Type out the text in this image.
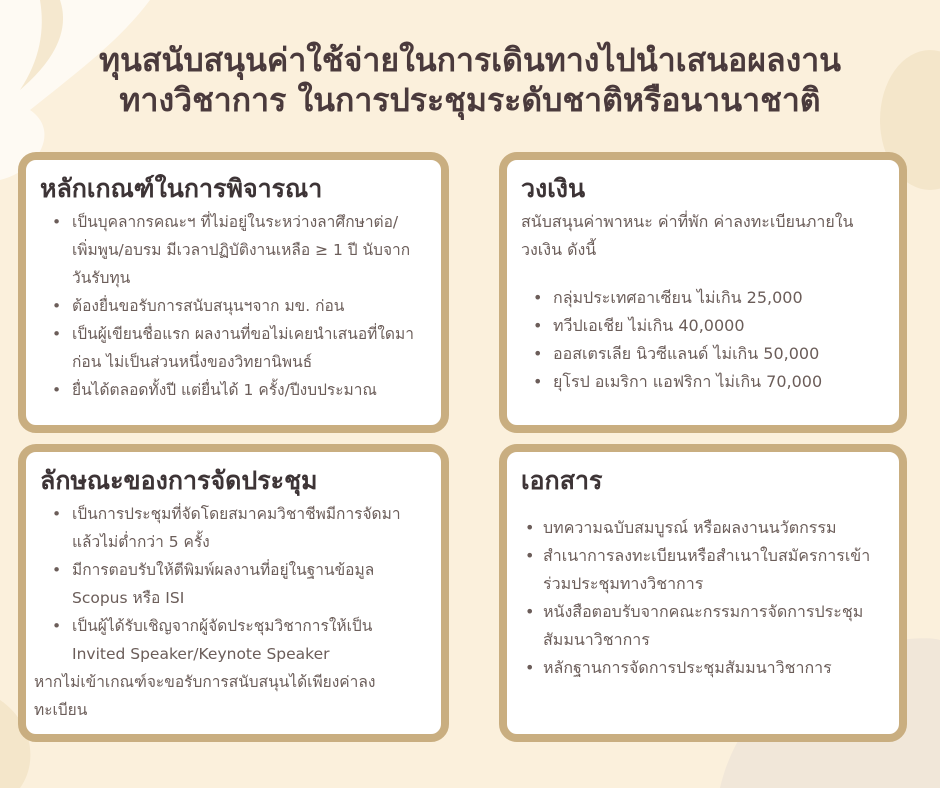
ทุนสนับสนุนค่าใช้จ่ายในการเดินทางไปนำเสนอผลงาน
ทางวิชาการ ในการประชุมระดับชาติหรือนานาชาติ
หลักเกณฑ์ในการพิจารณา
• เป็นบุคลากรคณะฯ ที่ไม่อยู่ในระหว่างลาศึกษาต่อ/เพิ่มพูน/อบรม มีเวลาปฏิบัติงานเหลือ ≥ 1 ปี นับจากวันรับทุน
• ต้องยื่นขอรับการสนับสนุนฯจาก มข. ก่อน
• เป็นผู้เขียนชื่อแรก ผลงานที่ขอไม่เคยนำเสนอที่ใดมาก่อน ไม่เป็นส่วนหนึ่งของวิทยานิพนธ์
• ยื่นได้ตลอดทั้งปี แต่ยื่นได้ 1 ครั้ง/ปีงบประมาณ
วงเงิน

สนับสนุนค่าพาหนะ ค่าที่พัก ค่าลงทะเบียนภายในวงเงิน ดังนี้

• กลุ่มประเทศอาเซียน ไม่เกิน 25,000
• ทวีปเอเชีย ไม่เกิน 40,0000
• ออสเตรเลีย นิวซีแลนด์ ไม่เกิน 50,000
• ยุโรป อเมริกา แอฟริกา ไม่เกิน 70,000
ลักษณะของการจัดประชุม
• เป็นการประชุมที่จัดโดยสมาคมวิชาชีพมีการจัดมาแล้วไม่ต่ำกว่า 5 ครั้ง
• มีการตอบรับให้ตีพิมพ์ผลงานที่อยู่ในฐานข้อมูล Scopus หรือ ISI
• เป็นผู้ได้รับเชิญจากผู้จัดประชุมวิชาการให้เป็น Invited Speaker/Keynote Speaker

หากไม่เข้าเกณฑ์จะขอรับการสนับสนุนได้เพียงค่าลงทะเบียน

เอกสาร
• บทความฉบับสมบูรณ์ หรือผลงานนวัตกรรม
• สำเนาการลงทะเบียนหรือสำเนาใบสมัครการเข้าร่วมประชุมทางวิชาการ
• หนังสือตอบรับจากคณะกรรมการจัดการประชุมสัมมนาวิชาการ
• หลักฐานการจัดการประชุมสัมมนาวิชาการ
